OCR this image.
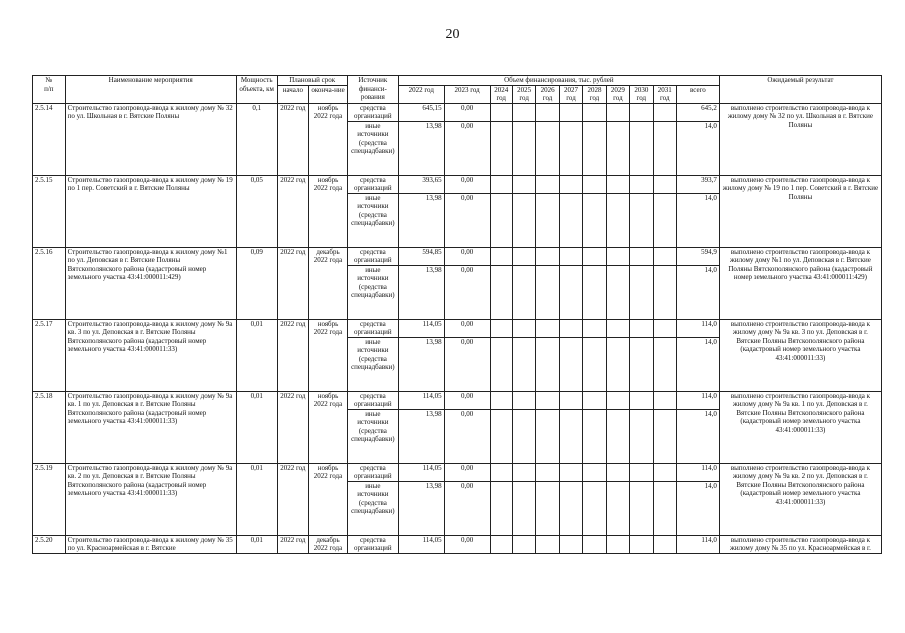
20
№
п/п	Наименование мероприятия	Мощность объекта, км	Плановый срок		Источник финанси-рования	Объем финансирования, тыс. рублей											Ожидаемый результат
			начало	оконча-ние		2022 год	2023 год	2024 год	2025 год	2026 год	2027 год	2028 год	2029 год	2030 год	2031 год	всего	

2.5.14	Строительство газопровода-ввода к жилому дому № 32 по ул. Школьная в г. Вятские Поляны	0,1	2022 год	ноябрь 2022 года	средства организаций	645,15	0,00									645,2	выполнено строительство газопровода-ввода к жилому дому № 32 по ул. Школьная в г. Вятские Поляны
					иные источники (средства спецнадбавки)	13,98	0,00									14,0	
2.5.15	Строительство газопровода-ввода к жилому дому № 19 по 1 пер. Советский в г. Вятские Поляны	0,05	2022 год	ноябрь 2022 года	средства организаций	393,65	0,00									393,7	выполнено строительство газопровода-ввода к жилому дому № 19 по 1 пер. Советский в г. Вятские Поляны
					иные источники (средства спецнадбавки)	13,98	0,00									14,0	
2.5.16	Строительство газопровода-ввода к жилому дому №1 по ул. Деповская в г. Вятские Поляны Вятскополянского района (кадастровый номер земельного участка 43:41:000011:429)	0,09	2022 год	декабрь 2022 года	средства организаций	594,85	0,00									594,9	выполнено строительство газопровода-ввода к жилому дому №1 по ул. Деповская в г. Вятские Поляны Вятскополянского района (кадастровый номер земельного участка 43:41:000011:429)
					иные источники (средства спецнадбавки)	13,98	0,00									14,0	
2.5.17	Строительство газопровода-ввода к жилому дому № 9а кв. 3 по ул. Деповская в г. Вятские Поляны Вятскополянского района (кадастровый номер земельного участка 43:41:000011:33)	0,01	2022 год	ноябрь 2022 года	средства организаций	114,05	0,00									114,0	выполнено строительство газопровода-ввода к жилому дому № 9а кв. 3 по ул. Деповская в г. Вятские Поляны Вятскополянского района (кадастровый номер земельного участка 43:41:000011:33)
					иные источники (средства спецнадбавки)	13,98	0,00									14,0	
2.5.18	Строительство газопровода-ввода к жилому дому № 9а кв. 1 по ул. Деповская в г. Вятские Поляны Вятскополянского района (кадастровый номер земельного участка 43:41:000011:33)	0,01	2022 год	ноябрь 2022 года	средства организаций	114,05	0,00									114,0	выполнено строительство газопровода-ввода к жилому дому № 9а кв. 1 по ул. Деповская в г. Вятские Поляны Вятскополянского района (кадастровый номер земельного участка 43:41:000011:33)
					иные источники (средства спецнадбавки)	13,98	0,00									14,0	
2.5.19	Строительство газопровода-ввода к жилому дому № 9а кв. 2 по ул. Деповская в г. Вятские Поляны Вятскополянского района (кадастровый номер земельного участка 43:41:000011:33)	0,01	2022 год	ноябрь 2022 года	средства организаций	114,05	0,00									114,0	выполнено строительство газопровода-ввода к жилому дому № 9а кв. 2 по ул. Деповская в г. Вятские Поляны Вятскополянского района (кадастровый номер земельного участка 43:41:000011:33)
					иные источники (средства спецнадбавки)	13,98	0,00									14,0	
2.5.20	Строительство газопровода-ввода к жилому дому № 35 по ул. Красноармейская в г. Вятские	0,01	2022 год	декабрь 2022 года	средства организаций	114,05	0,00									114,0	выполнено строительство газопровода-ввода к жилому дому № 35 по ул. Красноармейская в г.
